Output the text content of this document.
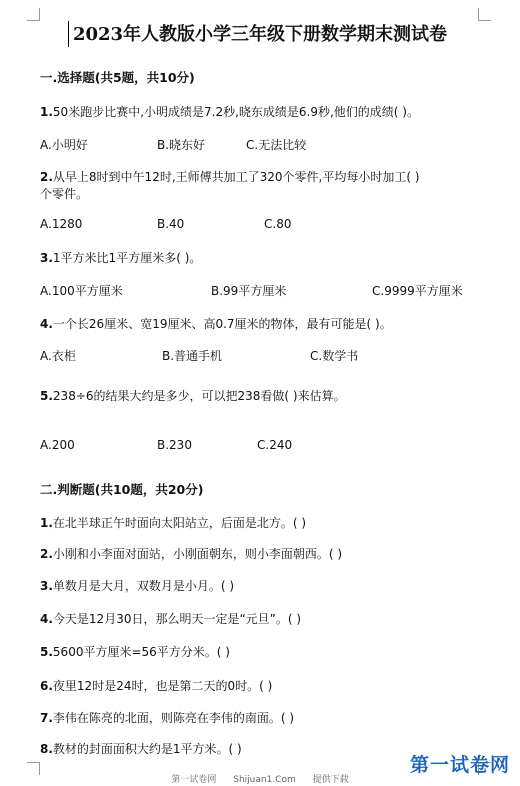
2023年人教版小学三年级下册数学期末测试卷
一.选择题(共5题，共10分)
1.50米跑步比赛中,小明成绩是7.2秒,晓东成绩是6.9秒,他们的成绩( )。
A.小明好	B.晓东好	C.无法比较
2.从早上8时到中午12时,王师傅共加工了320个零件,平均每小时加工( )
个零件。
A.1280	B.40	C.80
3.1平方米比1平方厘米多( )。
A.100平方厘米	B.99平方厘米	C.9999平方厘米
4.一个长26厘米、宽19厘米、高0.7厘米的物体，最有可能是( )。
A.衣柜	B.普通手机	C.数学书
5.238÷6的结果大约是多少，可以把238看做( )来估算。
A.200	B.230	C.240
二.判断题(共10题，共20分)
1.在北半球正午时面向太阳站立，后面是北方。( )
2.小刚和小李面对面站，小刚面朝东，则小李面朝西。( )
3.单数月是大月，双数月是小月。( )
4.今天是12月30日，那么明天一定是“元旦”。( )
5.5600平方厘米=56平方分米。( )
6.夜里12时是24时，也是第二天的0时。( )
7.李伟在陈亮的北面，则陈亮在李伟的南面。( )
8.教材的封面面积大约是1平方米。( )
第一试卷网 Shijuan1.Com 提供下载
第一试卷网
